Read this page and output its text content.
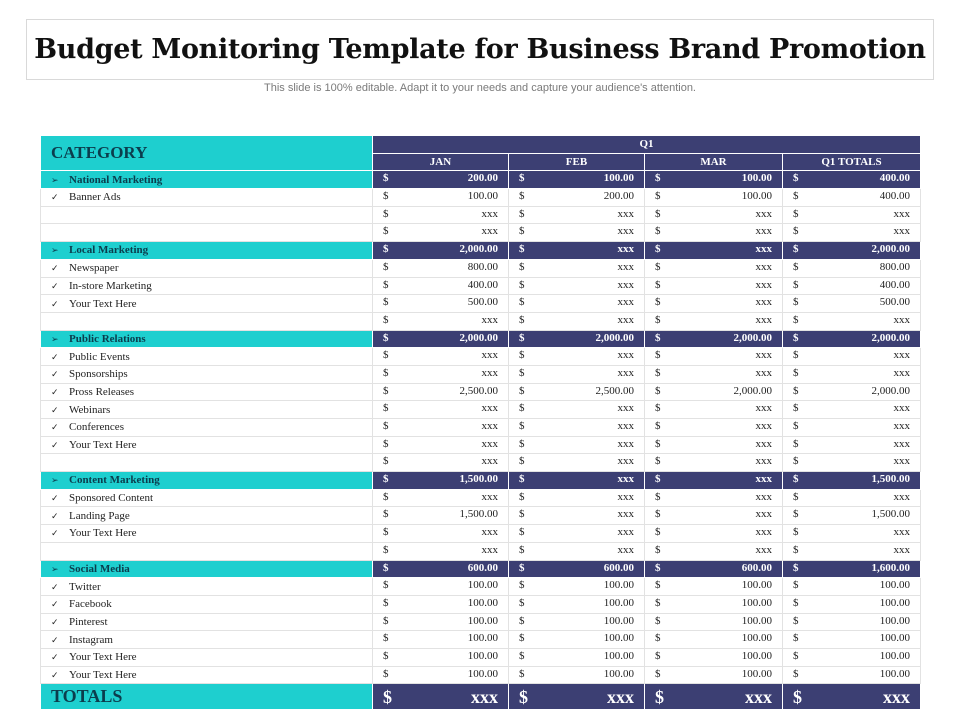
Budget Monitoring Template for Business Brand Promotion
This slide is 100% editable. Adapt it to your needs and capture your audience's attention.
CATEGORY	Q1			
	JAN	FEB	MAR	Q1 TOTALS
➢ National Marketing	$ 200.00	$ 100.00	$ 100.00	$ 400.00

✓ Banner Ads	$ 100.00	$ 200.00	$ 100.00	$ 400.00

	$ xxx	$ xxx	$ xxx	$ xxx

	$ xxx	$ xxx	$ xxx	$ xxx

➢ Local Marketing	$ 2,000.00	$ xxx	$ xxx	$ 2,000.00

✓ Newspaper	$ 800.00	$ xxx	$ xxx	$ 800.00

✓ In-store Marketing	$ 400.00	$ xxx	$ xxx	$ 400.00

✓ Your Text Here	$ 500.00	$ xxx	$ xxx	$ 500.00

	$ xxx	$ xxx	$ xxx	$ xxx

➢ Public Relations	$ 2,000.00	$ 2,000.00	$ 2,000.00	$ 2,000.00

✓ Public Events	$ xxx	$ xxx	$ xxx	$ xxx

✓ Sponsorships	$ xxx	$ xxx	$ xxx	$ xxx

✓ Pross Releases	$ 2,500.00	$ 2,500.00	$ 2,000.00	$ 2,000.00

✓ Webinars	$ xxx	$ xxx	$ xxx	$ xxx

✓ Conferences	$ xxx	$ xxx	$ xxx	$ xxx

✓ Your Text Here	$ xxx	$ xxx	$ xxx	$ xxx

	$ xxx	$ xxx	$ xxx	$ xxx

➢ Content Marketing	$ 1,500.00	$ xxx	$ xxx	$ 1,500.00

✓ Sponsored Content	$ xxx	$ xxx	$ xxx	$ xxx

✓ Landing Page	$ 1,500.00	$ xxx	$ xxx	$ 1,500.00

✓ Your Text Here	$ xxx	$ xxx	$ xxx	$ xxx

	$ xxx	$ xxx	$ xxx	$ xxx

➢ Social Media	$ 600.00	$ 600.00	$ 600.00	$ 1,600.00

✓ Twitter	$ 100.00	$ 100.00	$ 100.00	$ 100.00

✓ Facebook	$ 100.00	$ 100.00	$ 100.00	$ 100.00

✓ Pinterest	$ 100.00	$ 100.00	$ 100.00	$ 100.00

✓ Instagram	$ 100.00	$ 100.00	$ 100.00	$ 100.00

✓ Your Text Here	$ 100.00	$ 100.00	$ 100.00	$ 100.00

✓ Your Text Here	$ 100.00	$ 100.00	$ 100.00	$ 100.00

TOTALS	$ xxx	$ xxx	$ xxx	$ xxx
